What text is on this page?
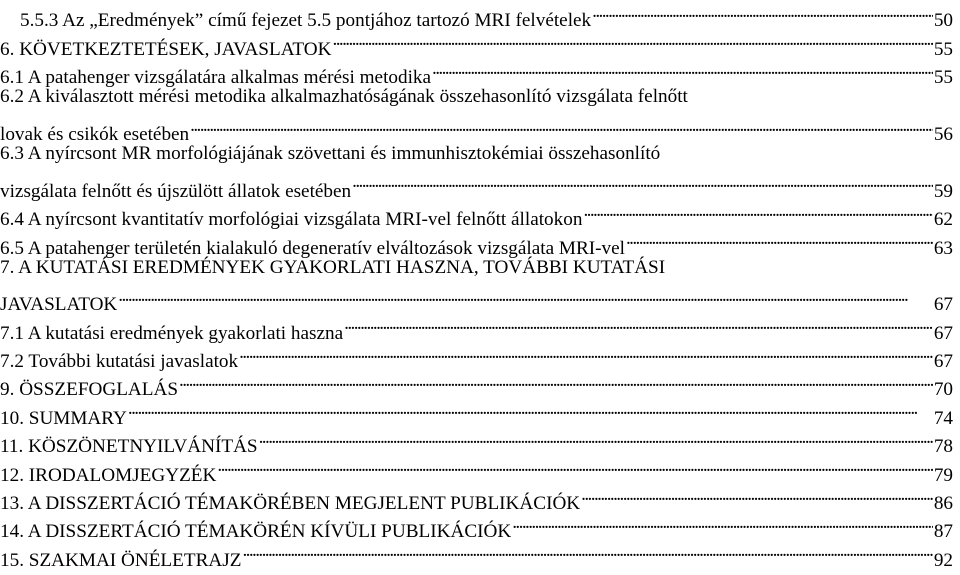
5.5.3 Az „Eredmények” című fejezet 5.5 pontjához tartozó MRI felvételek . . .	50
6. KÖVETKEZTETÉSEK, JAVASLATOK . . .	55
6.1 A patahenger vizsgálatára alkalmas mérési metodika . . .	55
6.2 A kiválasztott mérési metodika alkalmazhatóságának összehasonlító vizsgálata felnőtt
lovak és csikók esetében . . .	56
6.3 A nyírcsont MR morfológiájának szövettani és immunhisztokémiai összehasonlító
vizsgálata felnőtt és újszülött állatok esetében . . .	59
6.4 A nyírcsont kvantitatív morfológiai vizsgálata MRI-vel felnőtt állatokon . . .	62
6.5 A patahenger területén kialakuló degeneratív elváltozások vizsgálata MRI-vel . . .	63
7. A KUTATÁSI EREDMÉNYEK GYAKORLATI HASZNA, TOVÁBBI KUTATÁSI
JAVASLATOK . . .	67
7.1 A kutatási eredmények gyakorlati haszna . . .	67
7.2 További kutatási javaslatok . . .	67
9. ÖSSZEFOGLALÁS . . .	70
10. SUMMARY . . .	74
11. KÖSZÖNETNYILVÁNÍTÁS . . .	78
12. IRODALOMJEGYZÉK . . .	79
13. A DISSZERTÁCIÓ TÉMAKÖRÉBEN MEGJELENT PUBLIKÁCIÓK . . .	86
14. A DISSZERTÁCIÓ TÉMAKÖRÉN KÍVÜLI PUBLIKÁCIÓK . . .	87
15. SZAKMAI ÖNÉLETRAJZ . . .	92
